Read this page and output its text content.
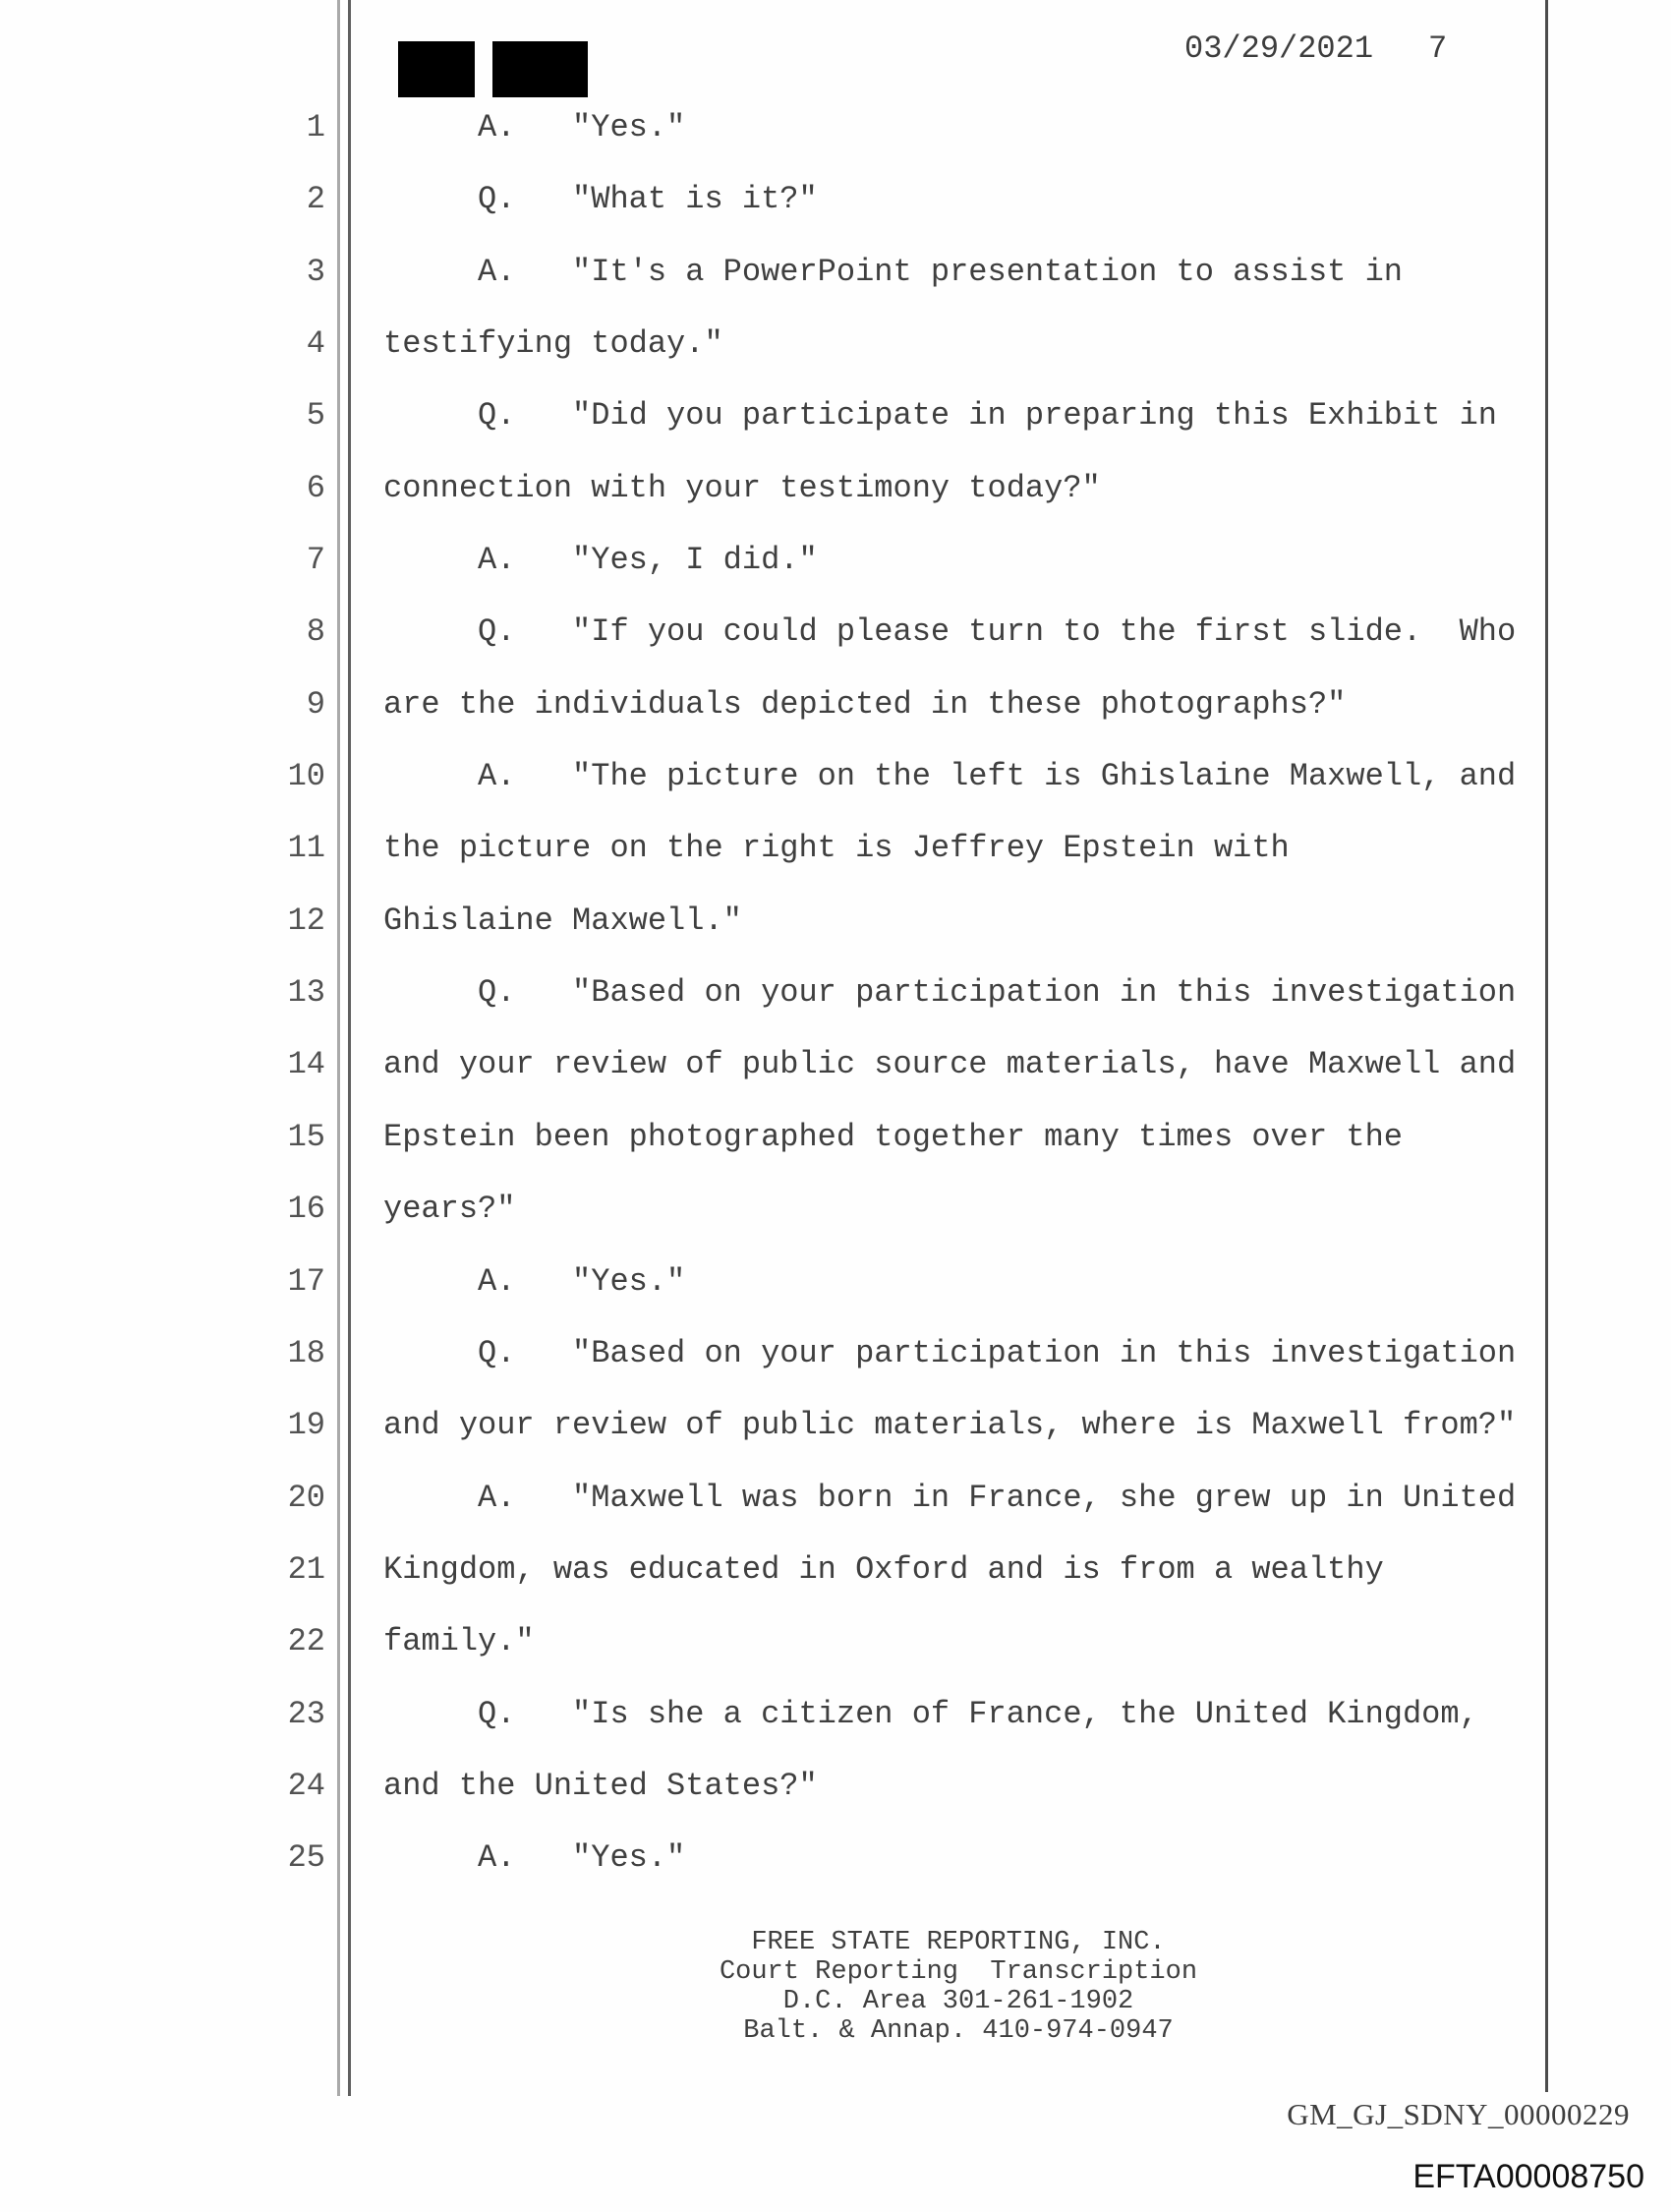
03/29/2021 7
1 A.   "Yes."
2 Q.   "What is it?"
3 A.   "It's a PowerPoint presentation to assist in
4 testifying today."
5 Q.   "Did you participate in preparing this Exhibit in
6 connection with your testimony today?"
7 A.   "Yes, I did."
8 Q.   "If you could please turn to the first slide.  Who
9 are the individuals depicted in these photographs?"
10 A.   "The picture on the left is Ghislaine Maxwell, and
11 the picture on the right is Jeffrey Epstein with
12 Ghislaine Maxwell."
13 Q.   "Based on your participation in this investigation
14 and your review of public source materials, have Maxwell and
15 Epstein been photographed together many times over the
16 years?"
17 A.   "Yes."
18 Q.   "Based on your participation in this investigation
19 and your review of public materials, where is Maxwell from?"
20 A.   "Maxwell was born in France, she grew up in United
21 Kingdom, was educated in Oxford and is from a wealthy
22 family."
23 Q.   "Is she a citizen of France, the United Kingdom,
24 and the United States?"
25 A.   "Yes."
FREE STATE REPORTING, INC.
Court Reporting  Transcription
D.C. Area 301-261-1902
Balt. & Annap. 410-974-0947
GM_GJ_SDNY_00000229
EFTA00008750
